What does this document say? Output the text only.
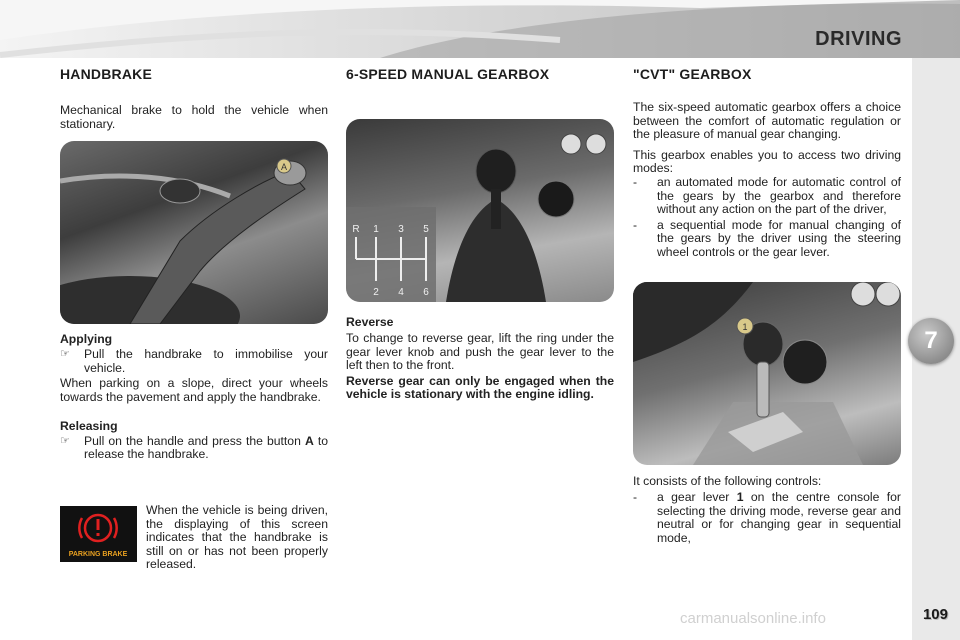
DRIVING
7
HANDBRAKE

Mechanical brake to hold the vehicle when stationary.

A
Applying
☞ Pull the handbrake to immobilise your vehicle.

When parking on a slope, direct your wheels towards the pavement and apply the handbrake.

Releasing
☞ Pull on the handle and press the button A to release the handbrake.
PARKING BRAKE

When the vehicle is being driven, the displaying of this screen indicates that the handbrake is still on or has not been properly released.

6-SPEED MANUAL GEARBOX
R 1 3 5
2 4 6
Reverse

To change to reverse gear, lift the ring under the gear lever knob and push the gear lever to the left then to the front.

Reverse gear can only be engaged when the vehicle is stationary with the engine idling.

"CVT" GEARBOX

The six-speed automatic gearbox offers a choice between the comfort of automatic regulation or the pleasure of manual gear changing.

This gearbox enables you to access two driving modes:

- an automated mode for automatic control of the gears by the gearbox and therefore without any action on the part of the driver,
- a sequential mode for manual changing of the gears by the driver using the steering wheel controls or the gear lever.
1

It consists of the following controls:

- a gear lever 1 on the centre console for selecting the driving mode, reverse gear and neutral or for changing gear in sequential mode,
109
carmanualsonline.info
